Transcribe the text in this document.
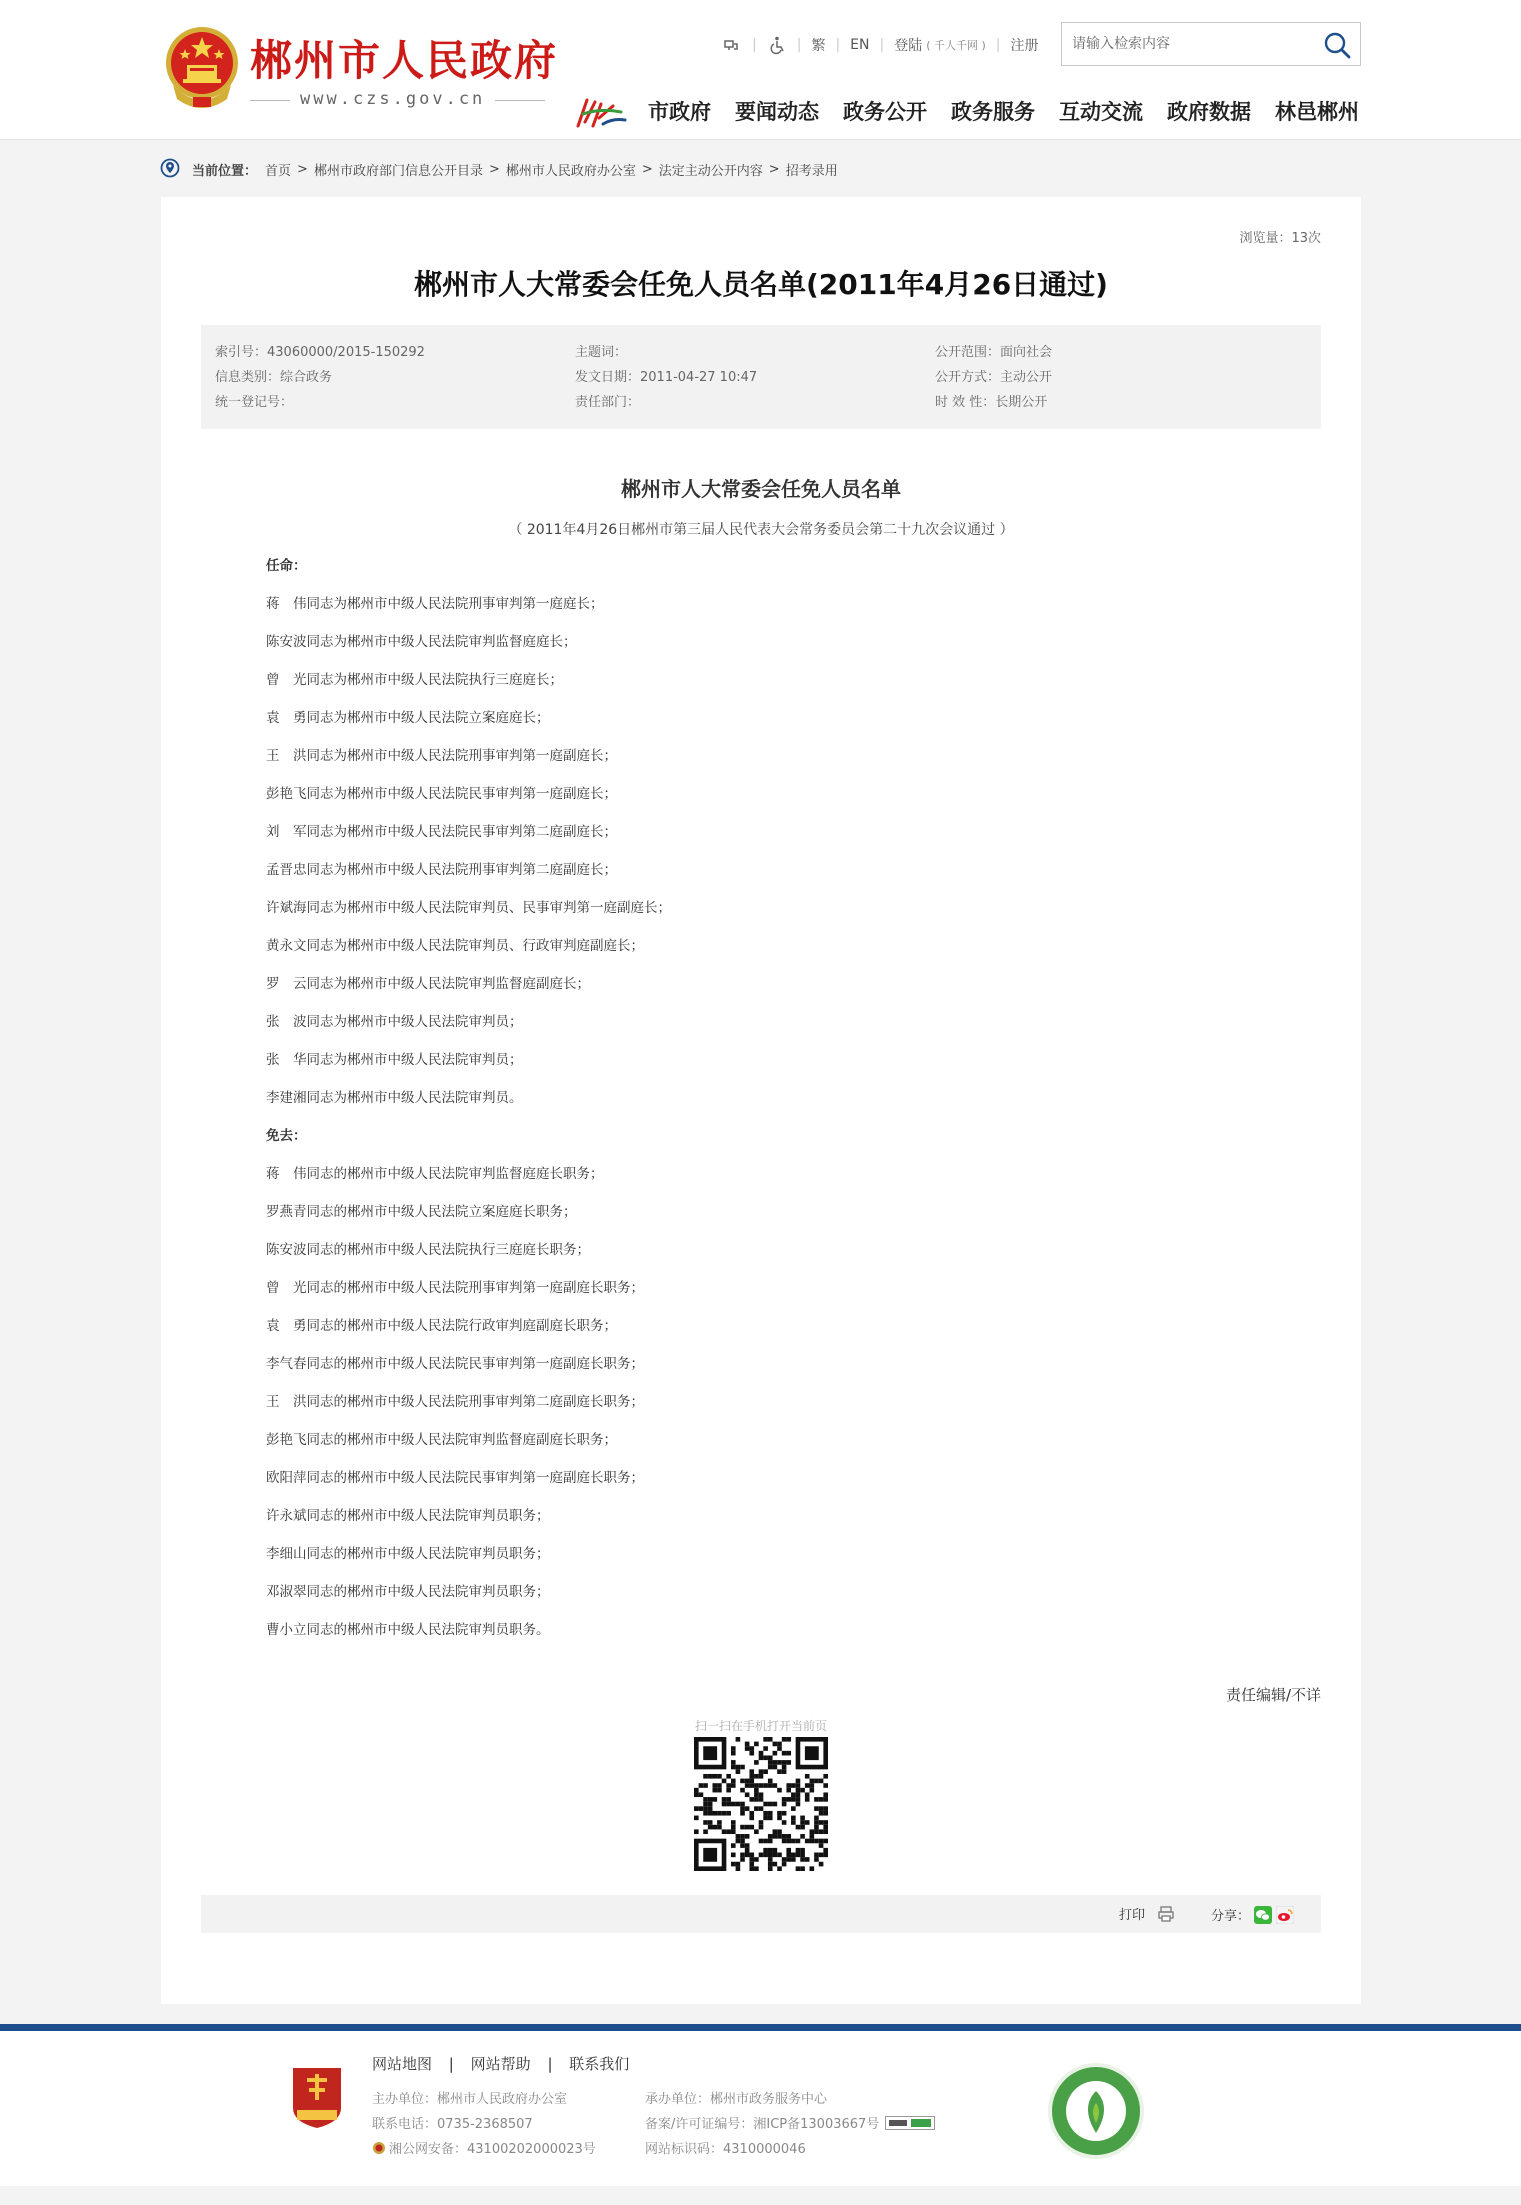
郴州市人民政府
www.czs.gov.cn
|	| 繁 | EN | 登陆 ( 千人千网 ) | 注册
请输入检索内容
市政府 要闻动态 政务公开 政务服务 互动交流 政府数据 林邑郴州
当前位置： 首页 > 郴州市政府部门信息公开目录 > 郴州市人民政府办公室 > 法定主动公开内容 > 招考录用
浏览量：13次
郴州市人大常委会任免人员名单(2011年4月26日通过)
索引号：43060000/2015-150292
信息类别：综合政务
统一登记号：
主题词：
发文日期：2011-04-27 10:47
责任部门：
公开范围：面向社会
公开方式：主动公开
时 效 性：长期公开
郴州市人大常委会任免人员名单
（ 2011年4月26日郴州市第三届人民代表大会常务委员会第二十九次会议通过 ）

任命：

蒋　伟同志为郴州市中级人民法院刑事审判第一庭庭长；

陈安波同志为郴州市中级人民法院审判监督庭庭长；

曾　光同志为郴州市中级人民法院执行三庭庭长；

袁　勇同志为郴州市中级人民法院立案庭庭长；

王　洪同志为郴州市中级人民法院刑事审判第一庭副庭长；

彭艳飞同志为郴州市中级人民法院民事审判第一庭副庭长；

刘　军同志为郴州市中级人民法院民事审判第二庭副庭长；

孟晋忠同志为郴州市中级人民法院刑事审判第二庭副庭长；

许斌海同志为郴州市中级人民法院审判员、民事审判第一庭副庭长；

黄永文同志为郴州市中级人民法院审判员、行政审判庭副庭长；

罗　云同志为郴州市中级人民法院审判监督庭副庭长；

张　波同志为郴州市中级人民法院审判员；

张　华同志为郴州市中级人民法院审判员；

李建湘同志为郴州市中级人民法院审判员。

免去：

蒋　伟同志的郴州市中级人民法院审判监督庭庭长职务；

罗燕青同志的郴州市中级人民法院立案庭庭长职务；

陈安波同志的郴州市中级人民法院执行三庭庭长职务；

曾　光同志的郴州市中级人民法院刑事审判第一庭副庭长职务；

袁　勇同志的郴州市中级人民法院行政审判庭副庭长职务；

李气春同志的郴州市中级人民法院民事审判第一庭副庭长职务；

王　洪同志的郴州市中级人民法院刑事审判第二庭副庭长职务；

彭艳飞同志的郴州市中级人民法院审判监督庭副庭长职务；

欧阳萍同志的郴州市中级人民法院民事审判第一庭副庭长职务；

许永斌同志的郴州市中级人民法院审判员职务；

李细山同志的郴州市中级人民法院审判员职务；

邓淑翠同志的郴州市中级人民法院审判员职务；

曹小立同志的郴州市中级人民法院审判员职务。

责任编辑/不详
扫一扫在手机打开当前页
打印	分享：
网站地图 | 网站帮助 | 联系我们
主办单位：郴州市人民政府办公室
联系电话：0735-2368507
湘公网安备：43100202000023号
承办单位：郴州市政务服务中心
备案/许可证编号：湘ICP备13003667号
网站标识码：4310000046
